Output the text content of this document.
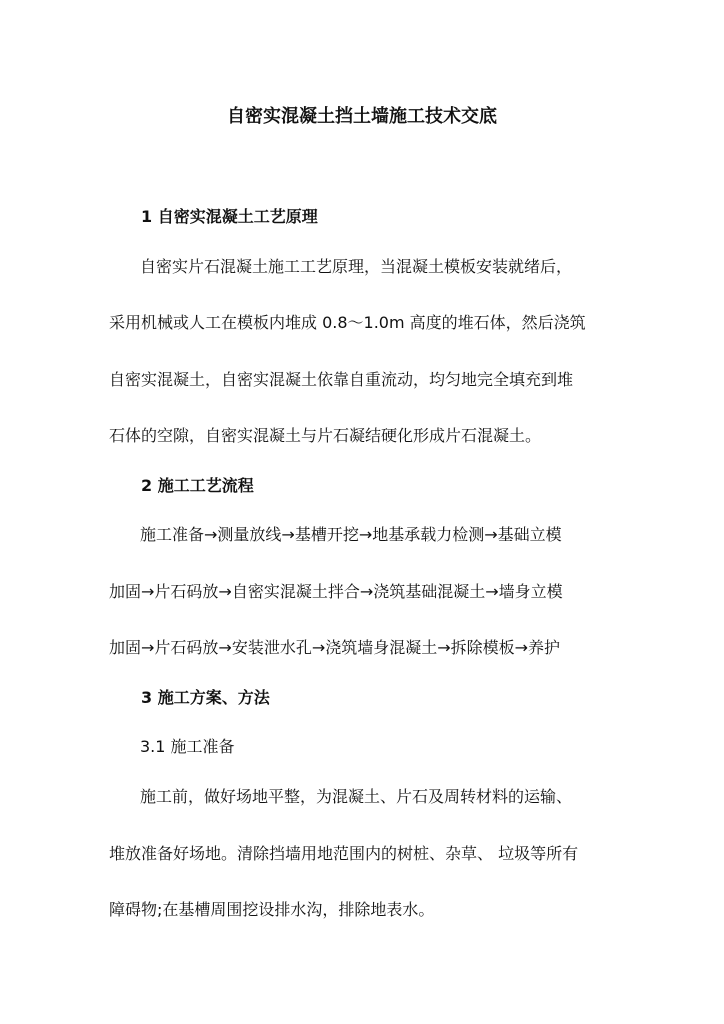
自密实混凝土挡土墙施工技术交底
1 自密实混凝土工艺原理
自密实片石混凝土施工工艺原理，当混凝土模板安装就绪后，
采用机械或人工在模板内堆成 0.8～1.0m 高度的堆石体，然后浇筑
自密实混凝土，自密实混凝土依靠自重流动，均匀地完全填充到堆
石体的空隙，自密实混凝土与片石凝结硬化形成片石混凝土。
2 施工工艺流程
施工准备→测量放线→基槽开挖→地基承载力检测→基础立模
加固→片石码放→自密实混凝土拌合→浇筑基础混凝土→墙身立模
加固→片石码放→安装泄水孔→浇筑墙身混凝土→拆除模板→养护
3 施工方案、方法
3.1 施工准备
施工前，做好场地平整，为混凝土、片石及周转材料的运输、
堆放准备好场地。清除挡墙用地范围内的树桩、杂草、 垃圾等所有
障碍物;在基槽周围挖设排水沟，排除地表水。
